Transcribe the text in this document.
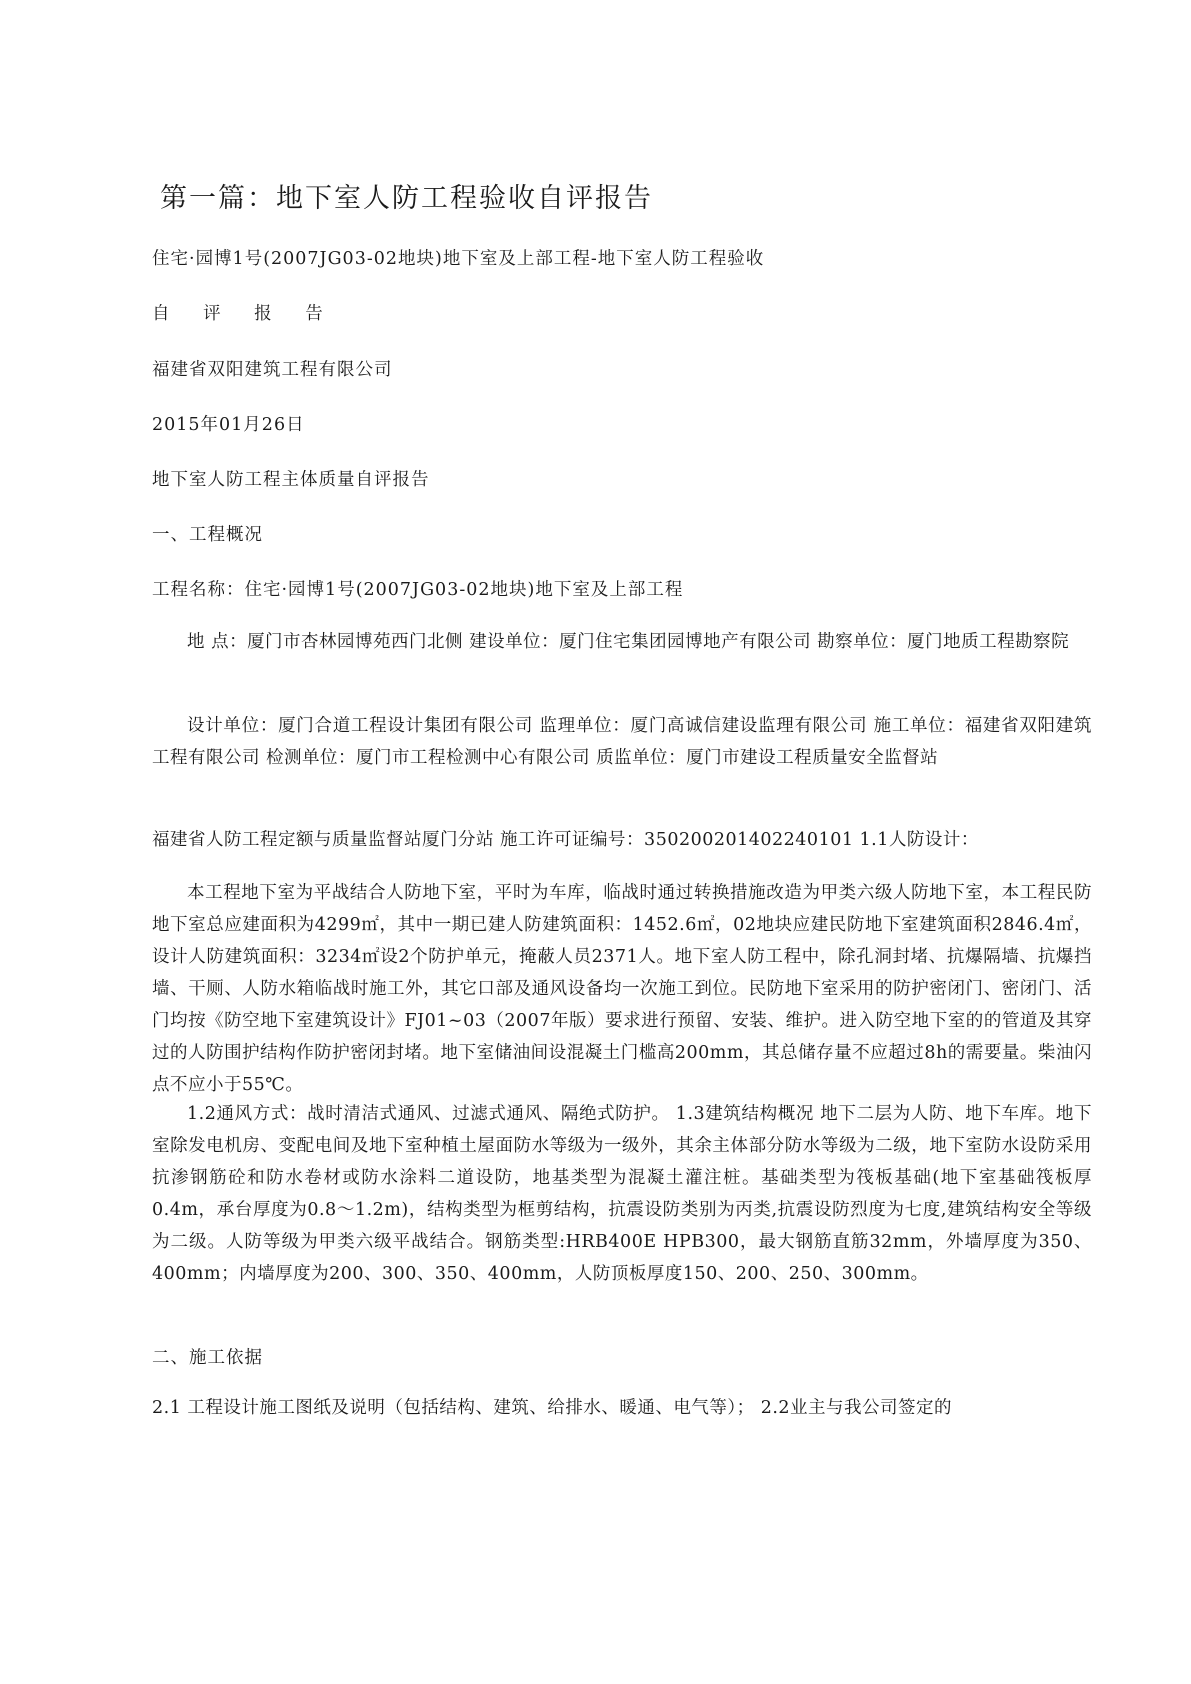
第一篇：地下室人防工程验收自评报告

住宅·园博1号(2007JG03-02地块)地下室及上部工程-地下室人防工程验收

自 评 报 告

福建省双阳建筑工程有限公司

2015年01月26日

地下室人防工程主体质量自评报告

一、工程概况

工程名称：住宅·园博1号(2007JG03-02地块)地下室及上部工程

地 点：厦门市杏林园博苑西门北侧 建设单位：厦门住宅集团园博地产有限公司 勘察单位：厦门地质工程勘察院

设计单位：厦门合道工程设计集团有限公司 监理单位：厦门高诚信建设监理有限公司 施工单位：福建省双阳建筑工程有限公司 检测单位：厦门市工程检测中心有限公司 质监单位：厦门市建设工程质量安全监督站

福建省人防工程定额与质量监督站厦门分站 施工许可证编号：350200201402240101 1.1人防设计：

本工程地下室为平战结合人防地下室，平时为车库，临战时通过转换措施改造为甲类六级人防地下室，本工程民防地下室总应建面积为4299㎡，其中一期已建人防建筑面积：1452.6㎡，02地块应建民防地下室建筑面积2846.4㎡，设计人防建筑面积：3234㎡设2个防护单元，掩蔽人员2371人。地下室人防工程中，除孔洞封堵、抗爆隔墙、抗爆挡墙、干厕、人防水箱临战时施工外，其它口部及通风设备均一次施工到位。民防地下室采用的防护密闭门、密闭门、活门均按《防空地下室建筑设计》FJ01~03（2007年版）要求进行预留、安装、维护。进入防空地下室的的管道及其穿过的人防围护结构作防护密闭封堵。地下室储油间设混凝土门槛高200mm，其总储存量不应超过8h的需要量。柴油闪点不应小于55℃。

1.2通风方式：战时清洁式通风、过滤式通风、隔绝式防护。 1.3建筑结构概况 地下二层为人防、地下车库。地下室除发电机房、变配电间及地下室种植土屋面防水等级为一级外，其余主体部分防水等级为二级，地下室防水设防采用抗渗钢筋砼和防水卷材或防水涂料二道设防，地基类型为混凝土灌注桩。基础类型为筏板基础(地下室基础筏板厚0.4m，承台厚度为0.8～1.2m)，结构类型为框剪结构，抗震设防类别为丙类,抗震设防烈度为七度,建筑结构安全等级为二级。人防等级为甲类六级平战结合。钢筋类型:HRB400E HPB300，最大钢筋直筋32mm，外墙厚度为350、400mm；内墙厚度为200、300、350、400mm，人防顶板厚度150、200、250、300mm。

二、施工依据

2.1 工程设计施工图纸及说明（包括结构、建筑、给排水、暖通、电气等）； 2.2业主与我公司签定的
